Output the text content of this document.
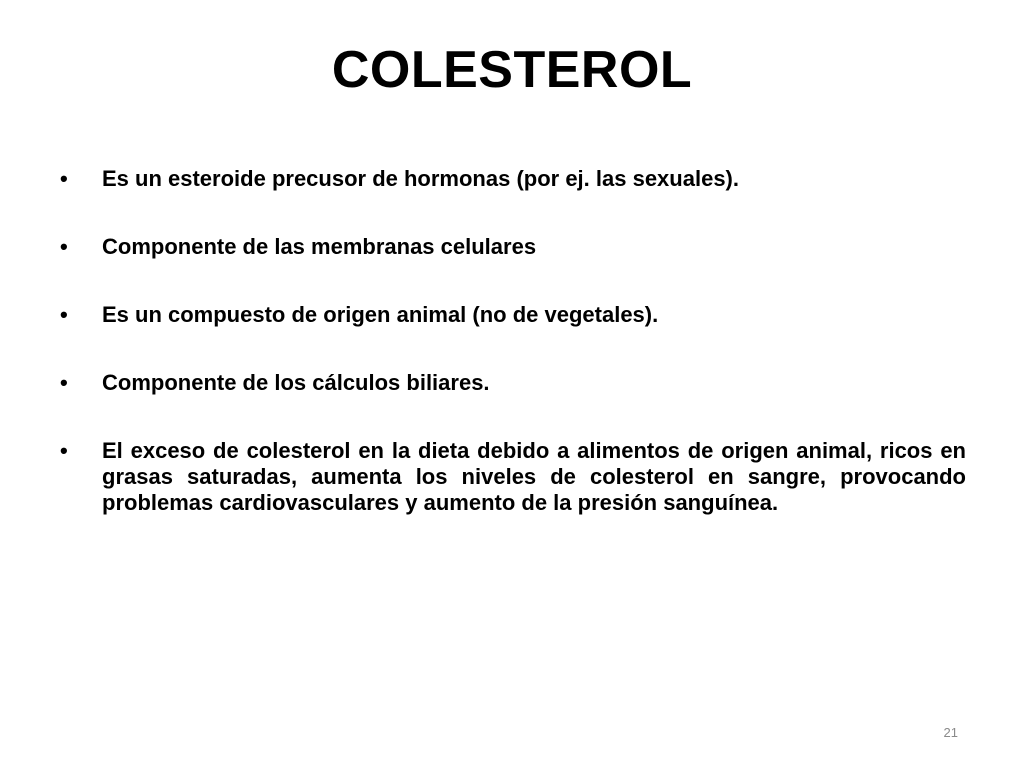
COLESTEROL
•	Es un esteroide precusor de hormonas (por ej. las sexuales).
•	Componente de las membranas celulares
•	Es un compuesto de origen animal (no de vegetales).
•	Componente de los cálculos biliares.
•	El exceso de colesterol en la dieta debido a alimentos de origen animal, ricos en grasas saturadas, aumenta los niveles de colesterol en sangre, provocando problemas cardiovasculares y aumento de la presión sanguínea.
21
